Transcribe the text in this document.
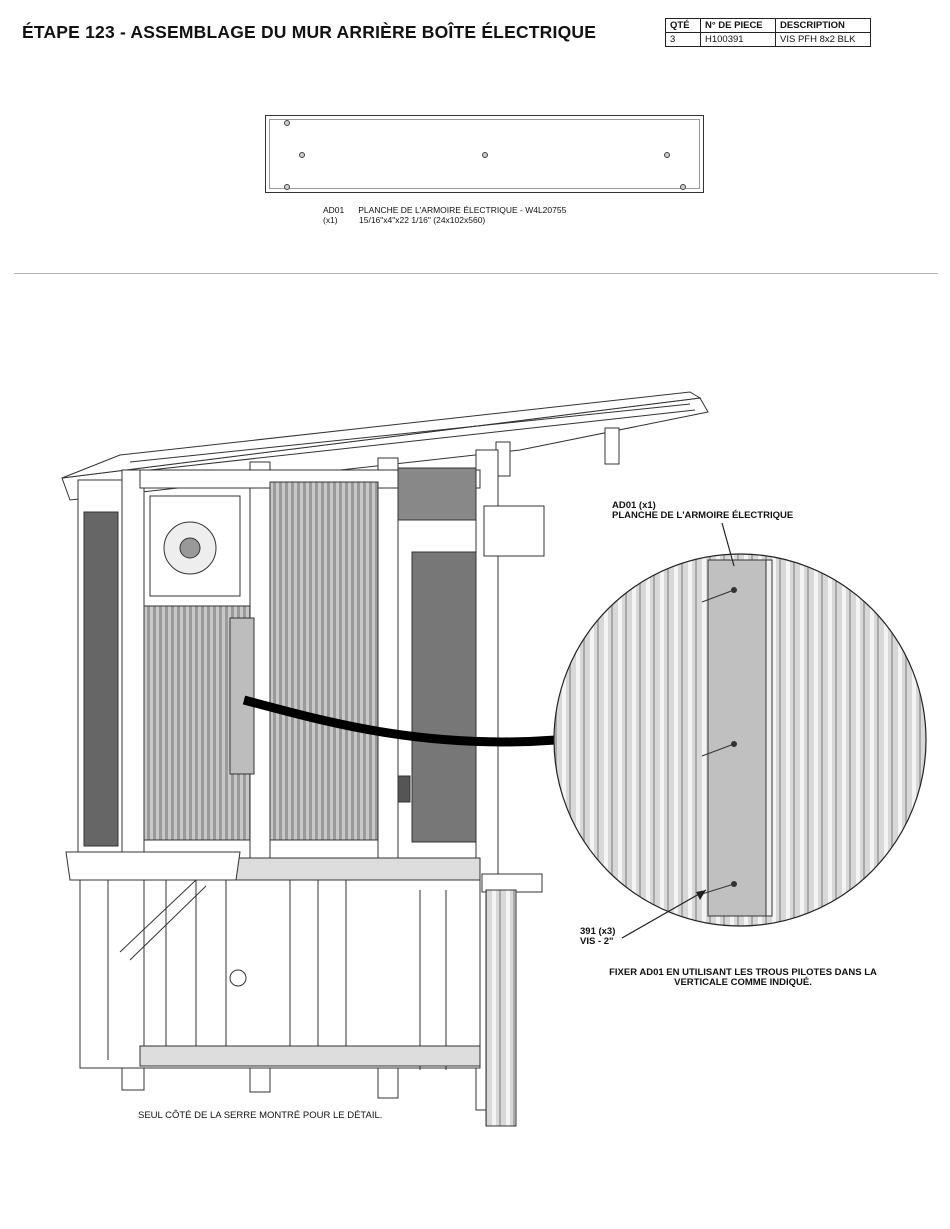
ÉTAPE 123 - ASSEMBLAGE DU MUR ARRIÈRE BOÎTE ÉLECTRIQUE	QTÉ	N° DE PIECE	DESCRIPTION
3	H100391	VIS PFH 8x2 BLK
AD01 PLANCHE DE L'ARMOIRE ÉLECTRIQUE - W4L20755
(x1)	15/16"x4"x22 1/16" (24x102x560)
AD01 (x1)
PLANCHE DE L'ARMOIRE ÉLECTRIQUE
391 (x3)
VIS - 2"
FIXER AD01 EN UTILISANT LES TROUS PILOTES DANS LA VERTICALE COMME INDIQUÉ.
SEUL CÔTÉ DE LA SERRE MONTRÉ POUR LE DÉTAIL.
